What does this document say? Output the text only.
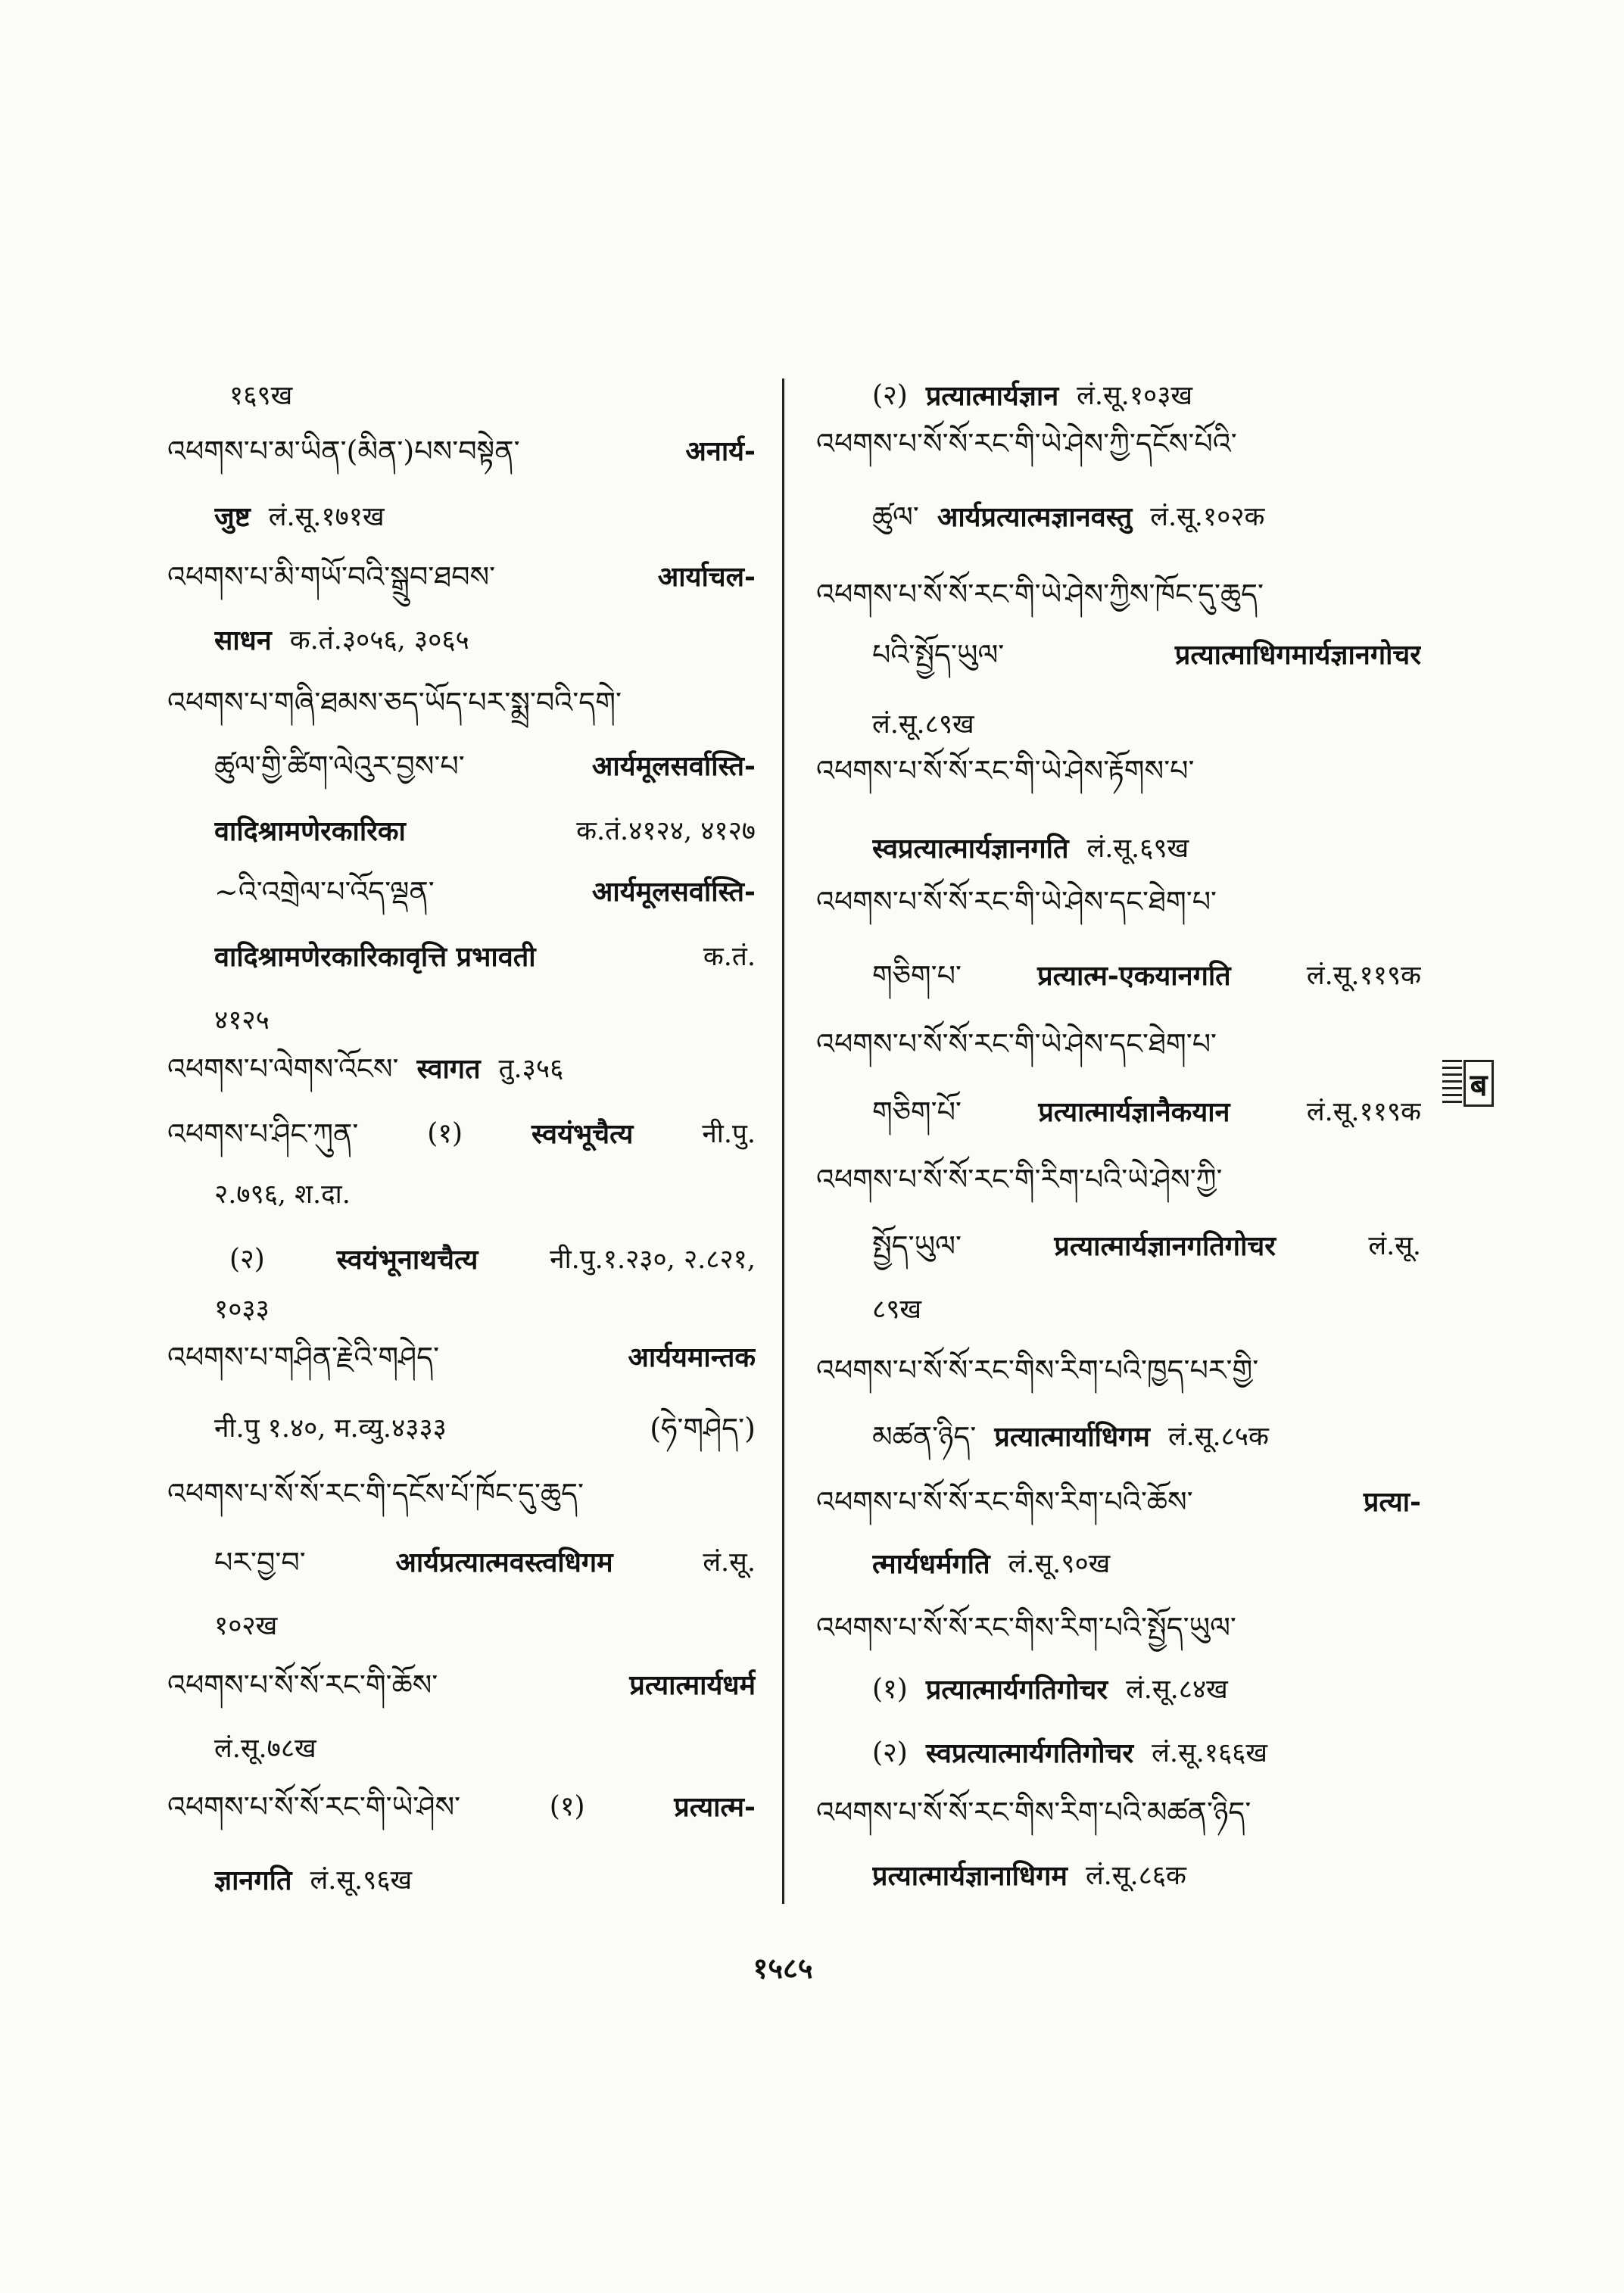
१६९ख
འཕགས་པ་མ་ཡིན་(མིན་)པས་བསྟེན་	अनार्य-
जुष्ट लं.सू.१७१ख
འཕགས་པ་མི་གཡོ་བའི་སྒྲུབ་ཐབས་	आर्याचल-
साधन क.तं.३०५६, ३०६५
འཕགས་པ་གཞི་ཐམས་ཅད་ཡོད་པར་སྨྲ་བའི་དགེ་
ཚུལ་གྱི་ཚིག་ལེའུར་བྱས་པ་	आर्यमूलसर्वास्ति-
वादिश्रामणेरकारिका	क.तं.४१२४, ४१२७
~འི་འགྲེལ་པ་འོད་ལྡན་	आर्यमूलसर्वास्ति-
वादिश्रामणेरकारिकावृत्ति प्रभावती	क.तं.
४१२५
འཕགས་པ་ལེགས་འོངས་ स्वागत तु.३५६
འཕགས་པ་ཤིང་ཀུན་	(१)	स्वयंभूचैत्य	नी.पु.
२.७९६, श.दा.
(२)	स्वयंभूनाथचैत्य	नी.पु.१.२३०, २.८२१,
१०३३
འཕགས་པ་གཤིན་རྗེའི་གཤེད་	आर्ययमान्तक
नी.पु १.४०, म.व्यु.४३३३	(ཧེ་གཤེད་)
འཕགས་པ་སོ་སོ་རང་གི་དངོས་པོ་ཁོང་དུ་ཆུད་
པར་བྱ་བ་	आर्यप्रत्यात्मवस्त्वधिगम	लं.सू.
१०२ख
འཕགས་པ་སོ་སོ་རང་གི་ཆོས་	प्रत्यात्मार्यधर्म
लं.सू.७८ख
འཕགས་པ་སོ་སོ་རང་གི་ཡེ་ཤེས་	(१)	प्रत्यात्म-
ज्ञानगति लं.सू.९६ख
(२) प्रत्यात्मार्यज्ञान लं.सू.१०३ख
འཕགས་པ་སོ་སོ་རང་གི་ཡེ་ཤེས་ཀྱི་དངོས་པོའི་
ཚུལ་ आर्यप्रत्यात्मज्ञानवस्तु लं.सू.१०२क
འཕགས་པ་སོ་སོ་རང་གི་ཡེ་ཤེས་ཀྱིས་ཁོང་དུ་ཆུད་
པའི་སྤྱོད་ཡུལ་	प्रत्यात्माधिगमार्यज्ञानगोचर
लं.सू.८९ख
འཕགས་པ་སོ་སོ་རང་གི་ཡེ་ཤེས་རྟོགས་པ་
स्वप्रत्यात्मार्यज्ञानगति लं.सू.६९ख
འཕགས་པ་སོ་སོ་རང་གི་ཡེ་ཤེས་དང་ཐེག་པ་
གཅིག་པ་	प्रत्यात्म-एकयानगति	लं.सू.११९क
འཕགས་པ་སོ་སོ་རང་གི་ཡེ་ཤེས་དང་ཐེག་པ་
གཅིག་པོ་	प्रत्यात्मार्यज्ञानैकयान	लं.सू.११९क
འཕགས་པ་སོ་སོ་རང་གི་རིག་པའི་ཡེ་ཤེས་ཀྱི་
སྤྱོད་ཡུལ་	प्रत्यात्मार्यज्ञानगतिगोचर	लं.सू.
८९ख
འཕགས་པ་སོ་སོ་རང་གིས་རིག་པའི་ཁྱད་པར་གྱི་
མཚན་ཉིད་ प्रत्यात्मार्याधिगम लं.सू.८५क
འཕགས་པ་སོ་སོ་རང་གིས་རིག་པའི་ཆོས་	प्रत्या-
त्मार्यधर्मगति लं.सू.९०ख
འཕགས་པ་སོ་སོ་རང་གིས་རིག་པའི་སྤྱོད་ཡུལ་
(१) प्रत्यात्मार्यगतिगोचर लं.सू.८४ख
(२) स्वप्रत्यात्मार्यगतिगोचर लं.सू.१६६ख
འཕགས་པ་སོ་སོ་རང་གིས་རིག་པའི་མཚན་ཉིད་
प्रत्यात्मार्यज्ञानाधिगम लं.सू.८६क
ब
१५८५
